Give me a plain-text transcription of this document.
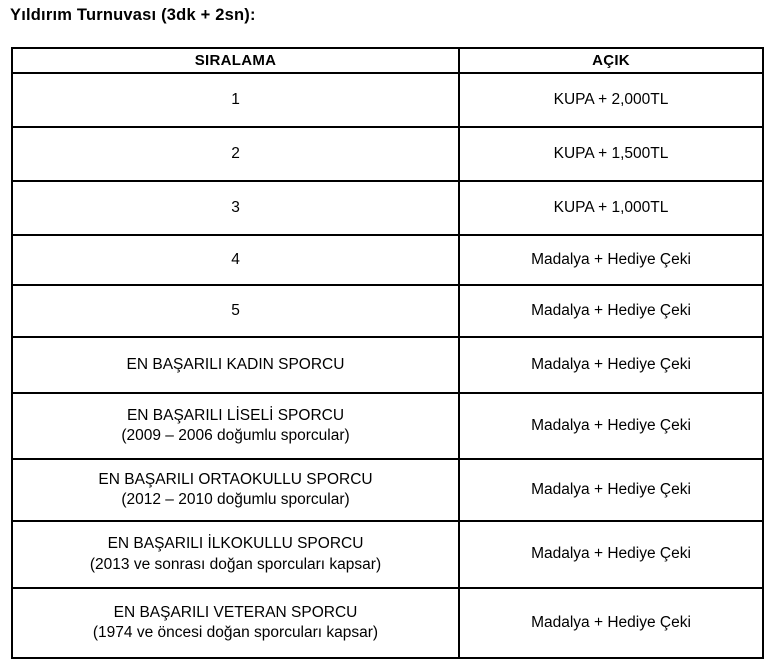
Yıldırım Turnuvası (3dk + 2sn):
SIRALAMA	AÇIK
1	KUPA + 2,000TL
2	KUPA + 1,500TL
3	KUPA + 1,000TL
4	Madalya + Hediye Çeki
5	Madalya + Hediye Çeki
EN BAŞARILI KADIN SPORCU	Madalya + Hediye Çeki

EN BAŞARILI LİSELİ SPORCU
(2009 – 2006 doğumlu sporcular)	Madalya + Hediye Çeki

EN BAŞARILI ORTAOKULLU SPORCU
(2012 – 2010 doğumlu sporcular)	Madalya + Hediye Çeki

EN BAŞARILI İLKOKULLU SPORCU
(2013 ve sonrası doğan sporcuları kapsar)	Madalya + Hediye Çeki

EN BAŞARILI VETERAN SPORCU
(1974 ve öncesi doğan sporcuları kapsar)	Madalya + Hediye Çeki
